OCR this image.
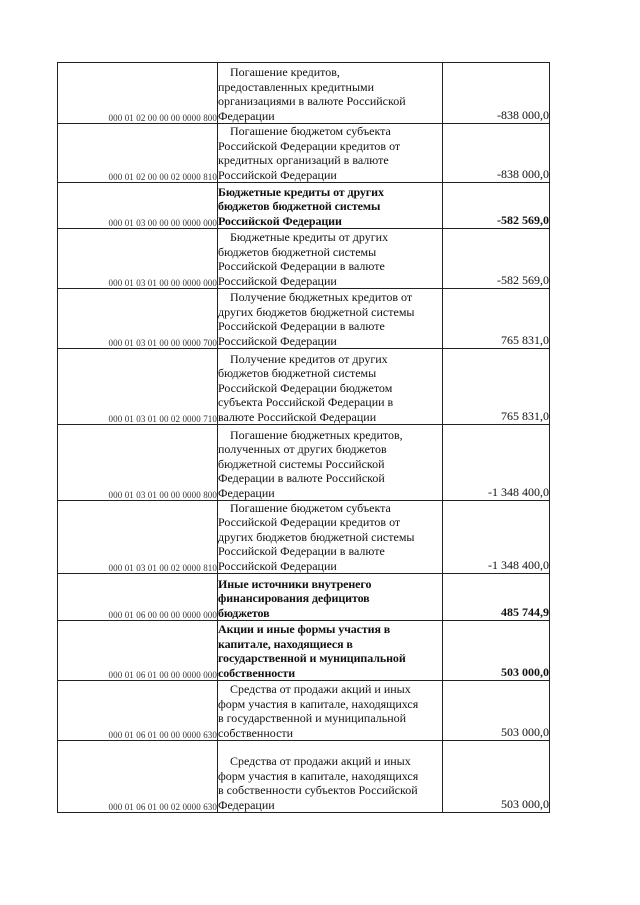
000 01 02 00 00 00 0000 800	Погашение кредитов,
предоставленных кредитными
организациями в валюте Российской
Федерации	-838 000,0
000 01 02 00 00 02 0000 810	Погашение бюджетом субъекта
Российской Федерации кредитов от
кредитных организаций в валюте
Российской Федерации	-838 000,0
000 01 03 00 00 00 0000 000	Бюджетные кредиты от других
бюджетов бюджетной системы
Российской Федерации	-582 569,0
000 01 03 01 00 00 0000 000	Бюджетные кредиты от других
бюджетов бюджетной системы
Российской Федерации в валюте
Российской Федерации	-582 569,0
000 01 03 01 00 00 0000 700	Получение бюджетных кредитов от
других бюджетов бюджетной системы
Российской Федерации в валюте
Российской Федерации	765 831,0
000 01 03 01 00 02 0000 710	Получение кредитов от других
бюджетов бюджетной системы
Российской Федерации бюджетом
субъекта Российской Федерации в
валюте Российской Федерации	765 831,0
000 01 03 01 00 00 0000 800	Погашение бюджетных кредитов,
полученных от других бюджетов
бюджетной системы Российской
Федерации в валюте Российской
Федерации	-1 348 400,0
000 01 03 01 00 02 0000 810	Погашение бюджетом субъекта
Российской Федерации кредитов от
других бюджетов бюджетной системы
Российской Федерации в валюте
Российской Федерации	-1 348 400,0
000 01 06 00 00 00 0000 000	Иные источники внутренего
финансирования дефицитов
бюджетов	485 744,9
000 01 06 01 00 00 0000 000	Акции и иные формы участия в
капитале, находящиеся в
государственной и муниципальной
собственности	503 000,0
000 01 06 01 00 00 0000 630	Средства от продажи акций и иных
форм участия в капитале, находящихся
в государственной и муниципальной
собственности	503 000,0
000 01 06 01 00 02 0000 630	Средства от продажи акций и иных
форм участия в капитале, находящихся
в собственности субъектов Российской
Федерации	503 000,0
